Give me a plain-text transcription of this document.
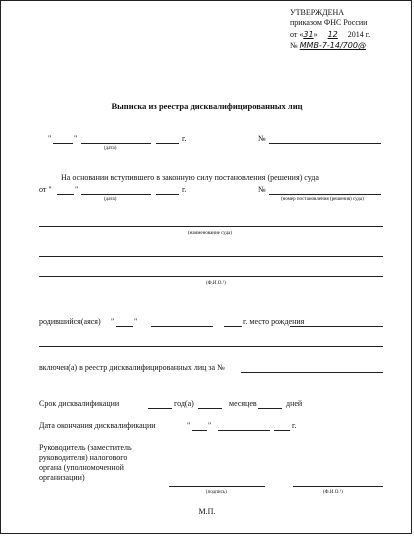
УТВЕРЖДЕНА
приказом ФНС России
от «31» 12 2014 г.
№ ММВ-7-14/700@
Выписка из реестра дисквалифицированных лиц
"	"	г.
(дата)
№
На основании вступившего в законную силу постановления (решения) суда
от "	"	г.
(дата)
№
(номер постановления (решения) суда)
(наименование суда)
(Ф.И.О.¹)
родившийся(аяся) " "	г. место рождения
включен(а) в реестр дисквалифицированных лиц за №
Срок дисквалификации	год(а)	месяцев	дней
Дата окончания дисквалификации	" "	г.
Руководитель (заместитель
руководителя) налогового
органа (уполномоченной
организации)
(подпись)	(Ф.И.О.¹)
М.П.
